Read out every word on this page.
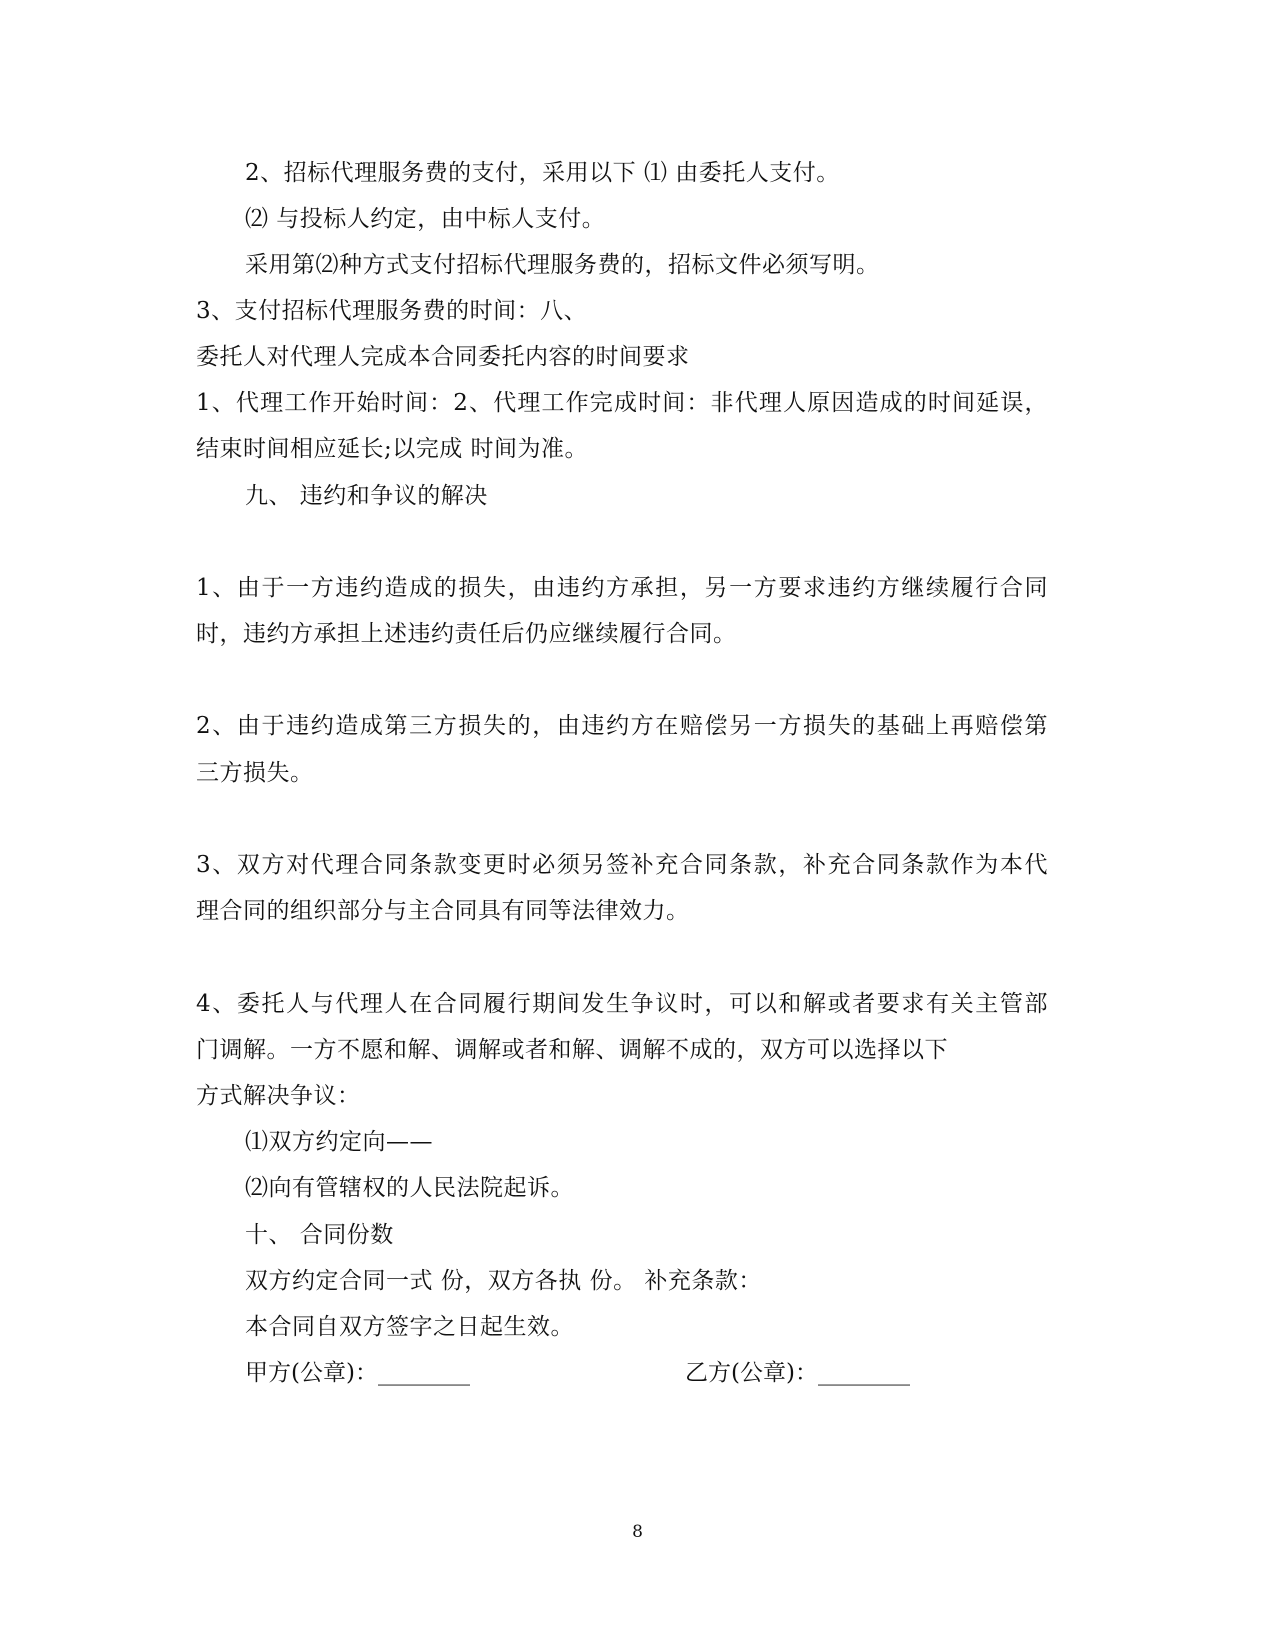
2、招标代理服务费的支付，采用以下 ⑴ 由委托人支付。
⑵ 与投标人约定，由中标人支付。
采用第⑵种方式支付招标代理服务费的，招标文件必须写明。
3、支付招标代理服务费的时间：八、
委托人对代理人完成本合同委托内容的时间要求
1、代理工作开始时间：2、代理工作完成时间：非代理人原因造成的时间延误，
结束时间相应延长;以完成 时间为准。
九、 违约和争议的解决
1、由于一方违约造成的损失，由违约方承担，另一方要求违约方继续履行合同
时，违约方承担上述违约责任后仍应继续履行合同。
2、由于违约造成第三方损失的，由违约方在赔偿另一方损失的基础上再赔偿第
三方损失。
3、双方对代理合同条款变更时必须另签补充合同条款，补充合同条款作为本代
理合同的组织部分与主合同具有同等法律效力。
4、委托人与代理人在合同履行期间发生争议时，可以和解或者要求有关主管部
门调解。一方不愿和解、调解或者和解、调解不成的，双方可以选择以下
方式解决争议：
⑴双方约定向——
⑵向有管辖权的人民法院起诉。
十、 合同份数
双方约定合同一式 份，双方各执 份。 补充条款：
本合同自双方签字之日起生效。
甲方(公章)：________	乙方(公章)：________
8
